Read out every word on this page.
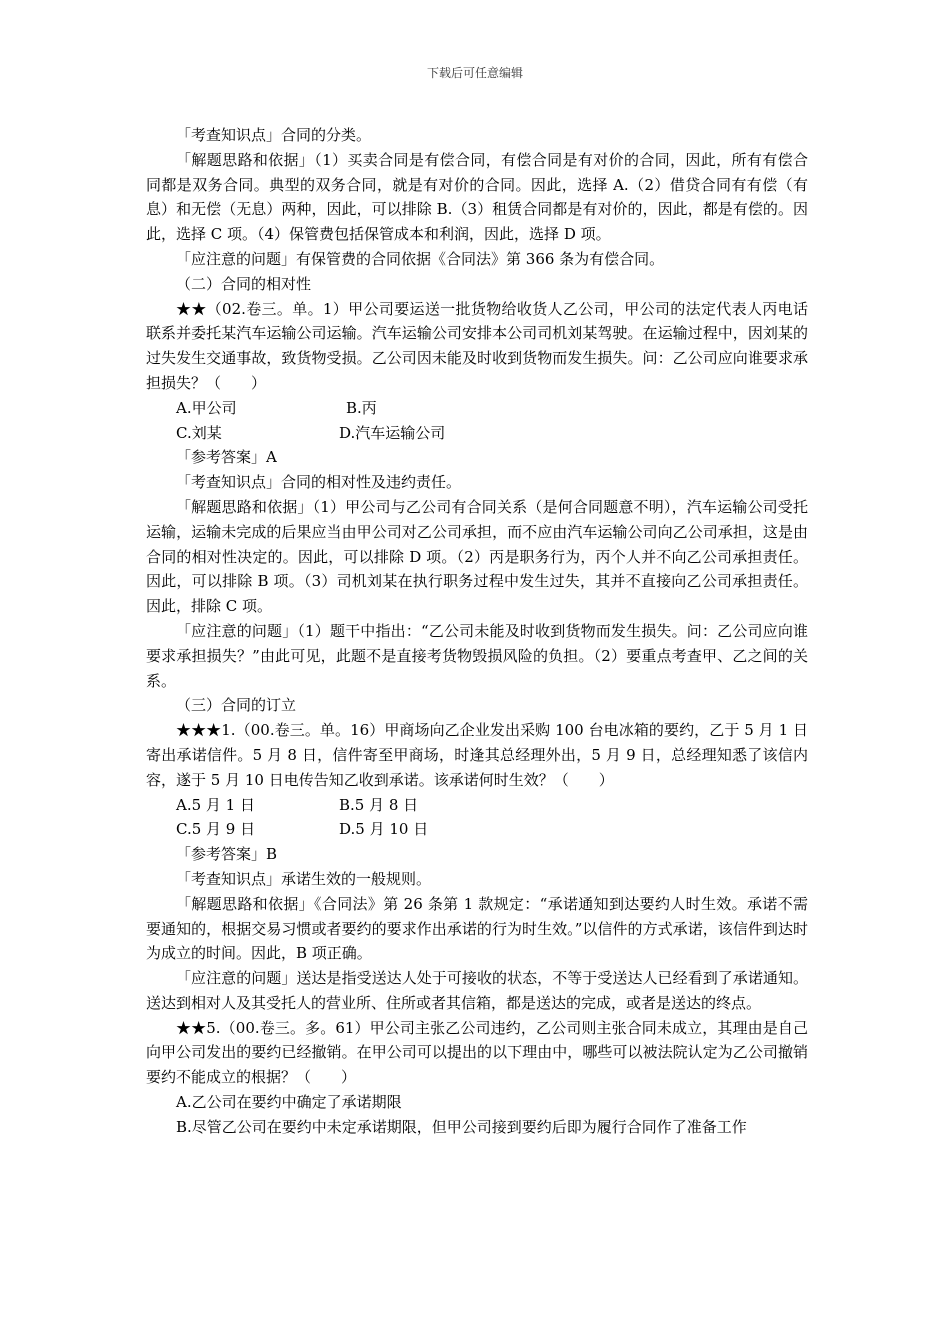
下载后可任意编辑

「考查知识点」合同的分类。

「解题思路和依据」（1）买卖合同是有偿合同，有偿合同是有对价的合同，因此，所有有偿合同都是双务合同。典型的双务合同，就是有对价的合同。因此，选择 A.（2）借贷合同有有偿（有息）和无偿（无息）两种，因此，可以排除 B.（3）租赁合同都是有对价的，因此，都是有偿的。因此，选择 C 项。（4）保管费包括保管成本和利润，因此，选择 D 项。

「应注意的问题」有保管费的合同依据《合同法》第 366 条为有偿合同。

（二）合同的相对性

★★（02.卷三。单。1）甲公司要运送一批货物给收货人乙公司，甲公司的法定代表人丙电话联系并委托某汽车运输公司运输。汽车运输公司安排本公司司机刘某驾驶。在运输过程中，因刘某的过失发生交通事故，致货物受损。乙公司因未能及时收到货物而发生损失。问：乙公司应向谁要求承担损失？（　　）

A.甲公司	B.丙
C.刘某	D.汽车运输公司

「参考答案」A

「考查知识点」合同的相对性及违约责任。

「解题思路和依据」（1）甲公司与乙公司有合同关系（是何合同题意不明），汽车运输公司受托运输，运输未完成的后果应当由甲公司对乙公司承担，而不应由汽车运输公司向乙公司承担，这是由合同的相对性决定的。因此，可以排除 D 项。（2）丙是职务行为，丙个人并不向乙公司承担责任。因此，可以排除 B 项。（3）司机刘某在执行职务过程中发生过失，其并不直接向乙公司承担责任。因此，排除 C 项。

「应注意的问题」（1）题干中指出：“乙公司未能及时收到货物而发生损失。问：乙公司应向谁要求承担损失？”由此可见，此题不是直接考货物毁损风险的负担。（2）要重点考查甲、乙之间的关系。

（三）合同的订立

★★★1.（00.卷三。单。16）甲商场向乙企业发出采购 100 台电冰箱的要约，乙于 5 月 1 日寄出承诺信件。5 月 8 日，信件寄至甲商场，时逢其总经理外出，5 月 9 日，总经理知悉了该信内容，遂于 5 月 10 日电传告知乙收到承诺。该承诺何时生效？（　　）

A.5 月 1 日	B.5 月 8 日
C.5 月 9 日	D.5 月 10 日

「参考答案」B

「考查知识点」承诺生效的一般规则。

「解题思路和依据」《合同法》第 26 条第 1 款规定：“承诺通知到达要约人时生效。承诺不需要通知的，根据交易习惯或者要约的要求作出承诺的行为时生效。”以信件的方式承诺，该信件到达时为成立的时间。因此，B 项正确。

「应注意的问题」送达是指受送达人处于可接收的状态，不等于受送达人已经看到了承诺通知。送达到相对人及其受托人的营业所、住所或者其信箱，都是送达的完成，或者是送达的终点。

★★5.（00.卷三。多。61）甲公司主张乙公司违约，乙公司则主张合同未成立，其理由是自己向甲公司发出的要约已经撤销。在甲公司可以提出的以下理由中，哪些可以被法院认定为乙公司撤销要约不能成立的根据？（　　）

A.乙公司在要约中确定了承诺期限

B.尽管乙公司在要约中未定承诺期限，但甲公司接到要约后即为履行合同作了准备工作
